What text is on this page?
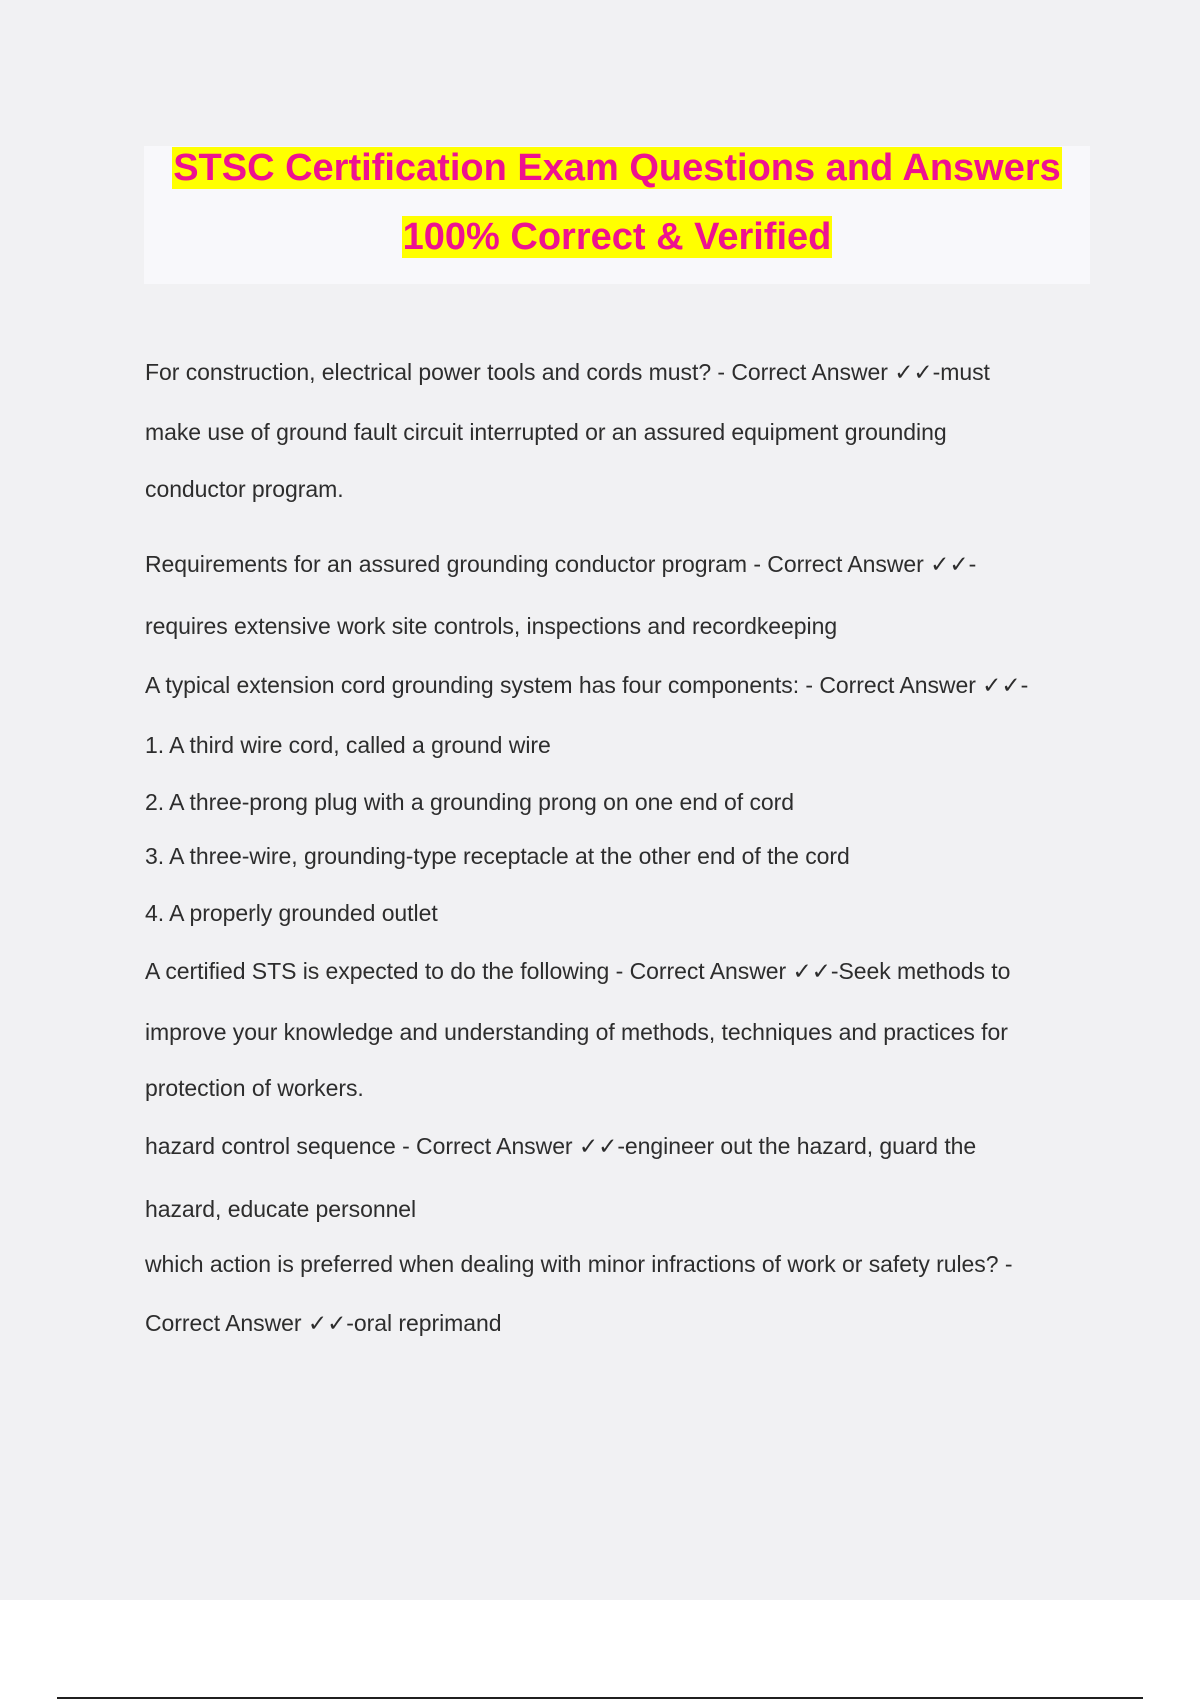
STSC Certification Exam Questions and Answers
100% Correct & Verified
For construction, electrical power tools and cords must? - Correct Answer ✓✓-must
make use of ground fault circuit interrupted or an assured equipment grounding
conductor program.
Requirements for an assured grounding conductor program - Correct Answer ✓✓-
requires extensive work site controls, inspections and recordkeeping
A typical extension cord grounding system has four components: - Correct Answer ✓✓-
1. A third wire cord, called a ground wire
2. A three-prong plug with a grounding prong on one end of cord
3. A three-wire, grounding-type receptacle at the other end of the cord
4. A properly grounded outlet
A certified STS is expected to do the following - Correct Answer ✓✓-Seek methods to
improve your knowledge and understanding of methods, techniques and practices for
protection of workers.
hazard control sequence - Correct Answer ✓✓-engineer out the hazard, guard the
hazard, educate personnel
which action is preferred when dealing with minor infractions of work or safety rules? -
Correct Answer ✓✓-oral reprimand
